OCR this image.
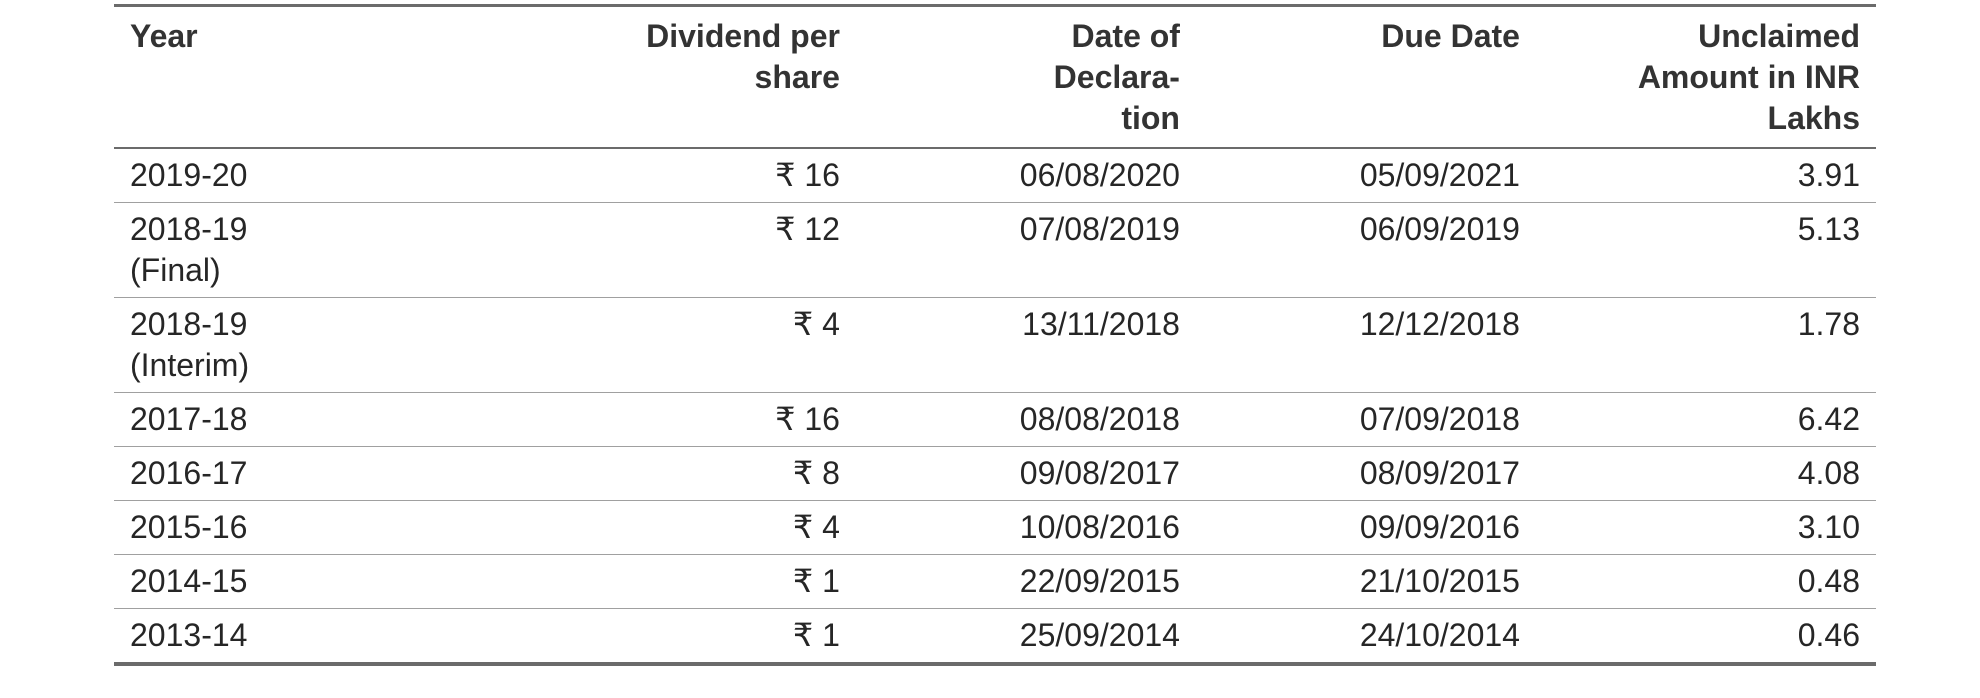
Year	Dividend per share	Date of Declara-tion	Due Date	Unclaimed Amount in INR Lakhs
2019-20	₹ 16	06/08/2020	05/09/2021	3.91
2018-19 (Final)	₹ 12	07/08/2019	06/09/2019	5.13
2018-19 (Interim)	₹ 4	13/11/2018	12/12/2018	1.78
2017-18	₹ 16	08/08/2018	07/09/2018	6.42
2016-17	₹ 8	09/08/2017	08/09/2017	4.08
2015-16	₹ 4	10/08/2016	09/09/2016	3.10
2014-15	₹ 1	22/09/2015	21/10/2015	0.48
2013-14	₹ 1	25/09/2014	24/10/2014	0.46
